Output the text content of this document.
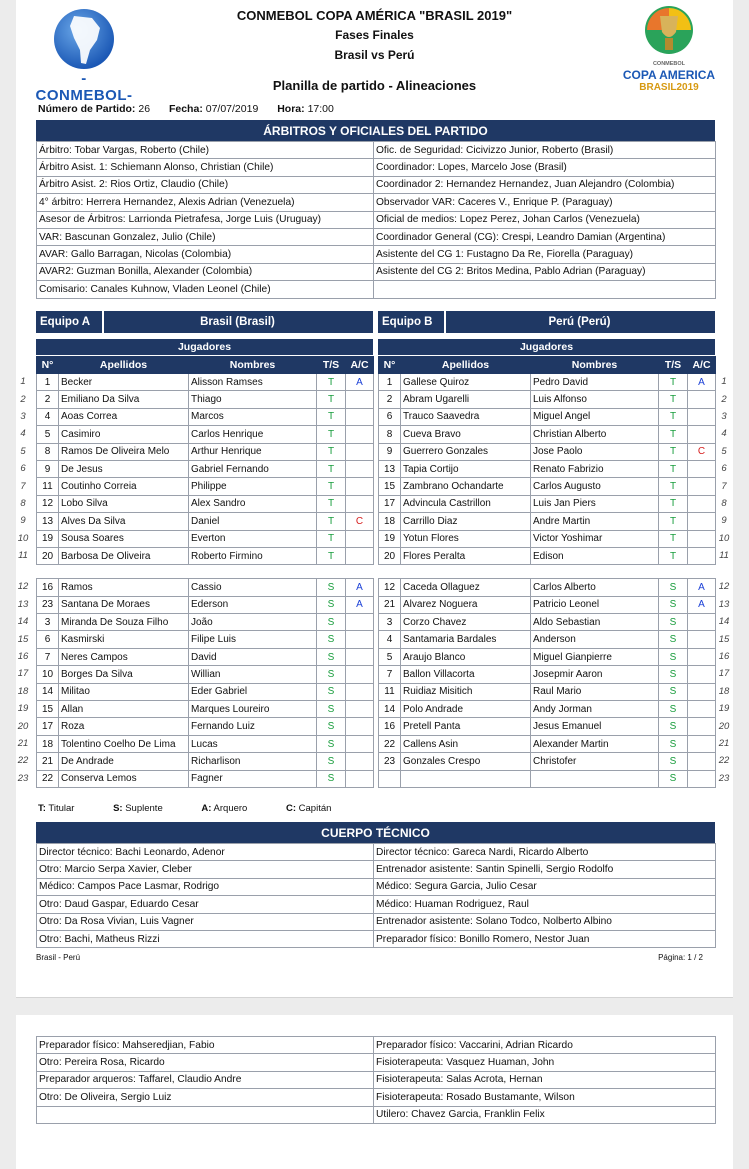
-CONMEBOL-
CONMEBOL
COPA AMERICA
BRASIL2019
CONMEBOL COPA AMÉRICA "BRASIL 2019"
Fases Finales
Brasil vs Perú
Planilla de partido - Alineaciones
Número de Partido: 26 Fecha: 07/07/2019 Hora: 17:00
ÁRBITROS Y OFICIALES DEL PARTIDO
Árbitro: Tobar Vargas, Roberto (Chile)	Ofic. de Seguridad: Cicivizzo Junior, Roberto (Brasil)
Árbitro Asist. 1: Schiemann Alonso, Christian (Chile)	Coordinador: Lopes, Marcelo Jose (Brasil)
Árbitro Asist. 2: Rios Ortiz, Claudio (Chile)	Coordinador 2: Hernandez Hernandez, Juan Alejandro (Colombia)
4° árbitro: Herrera Hernandez, Alexis Adrian (Venezuela)	Observador VAR: Caceres V., Enrique P. (Paraguay)
Asesor de Árbitros: Larrionda Pietrafesa, Jorge Luis (Uruguay)	Oficial de medios: Lopez Perez, Johan Carlos (Venezuela)
VAR: Bascunan Gonzalez, Julio (Chile)	Coordinador General (CG): Crespi, Leandro Damian (Argentina)
AVAR: Gallo Barragan, Nicolas (Colombia)	Asistente del CG 1: Fustagno Da Re, Fiorella (Paraguay)
AVAR2: Guzman Bonilla, Alexander (Colombia)	Asistente del CG 2: Britos Medina, Pablo Adrian (Paraguay)
Comisario: Canales Kuhnow, Vladen Leonel (Chile)	
Equipo A	Brasil (Brasil)	Equipo B	Perú (Perú)
Jugadores	Jugadores
N°	Apellidos	Nombres	T/S	A/C
1	Becker	Alisson Ramses	T	A
2	Emiliano Da Silva	Thiago	T	
4	Aoas Correa	Marcos	T	
5	Casimiro	Carlos Henrique	T	
8	Ramos De Oliveira Melo	Arthur Henrique	T	
9	De Jesus	Gabriel Fernando	T	
11	Coutinho Correia	Philippe	T	
12	Lobo Silva	Alex Sandro	T	
13	Alves Da Silva	Daniel	T	C
19	Sousa Soares	Everton	T	
20	Barbosa De Oliveira	Roberto Firmino	T	

16	Ramos	Cassio	S	A
23	Santana De Moraes	Ederson	S	A
3	Miranda De Souza Filho	João	S	
6	Kasmirski	Filipe Luis	S	
7	Neres Campos	David	S	
10	Borges Da Silva	Willian	S	
14	Militao	Eder Gabriel	S	
15	Allan	Marques Loureiro	S	
17	Roza	Fernando Luiz	S	
18	Tolentino Coelho De Lima	Lucas	S	
21	De Andrade	Richarlison	S	
22	Conserva Lemos	Fagner	S	
N°	Apellidos	Nombres	T/S	A/C
1	Gallese Quiroz	Pedro David	T	A
2	Abram Ugarelli	Luis Alfonso	T	
6	Trauco Saavedra	Miguel Angel	T	
8	Cueva Bravo	Christian Alberto	T	
9	Guerrero Gonzales	Jose Paolo	T	C
13	Tapia Cortijo	Renato Fabrizio	T	
15	Zambrano Ochandarte	Carlos Augusto	T	
17	Advincula Castrillon	Luis Jan Piers	T	
18	Carrillo Diaz	Andre Martin	T	
19	Yotun Flores	Victor Yoshimar	T	
20	Flores Peralta	Edison	T	

12	Caceda Ollaguez	Carlos Alberto	S	A
21	Alvarez Noguera	Patricio Leonel	S	A
3	Corzo Chavez	Aldo Sebastian	S	
4	Santamaria Bardales	Anderson	S	
5	Araujo Blanco	Miguel Gianpierre	S	
7	Ballon Villacorta	Josepmir Aaron	S	
11	Ruidiaz Misitich	Raul Mario	S	
14	Polo Andrade	Andy Jorman	S	
16	Pretell Panta	Jesus Emanuel	S	
22	Callens Asin	Alexander Martin	S	
23	Gonzales Crespo	Christofer	S	
			S	
1
2
3
4
5
6
7
8
9
10
11
12
13
14
15
16
17
18
19
20
21
22
23
1
2
3
4
5
6
7
8
9
10
11
12
13
14
15
16
17
18
19
20
21
22
23
T: Titular	S: Suplente	A: Arquero	C: Capitán
CUERPO TÉCNICO
Director técnico: Bachi Leonardo, Adenor	Director técnico: Gareca Nardi, Ricardo Alberto
Otro: Marcio Serpa Xavier, Cleber	Entrenador asistente: Santin Spinelli, Sergio Rodolfo
Médico: Campos Pace Lasmar, Rodrigo	Médico: Segura Garcia, Julio Cesar
Otro: Daud Gaspar, Eduardo Cesar	Médico: Huaman Rodriguez, Raul
Otro: Da Rosa Vivian, Luis Vagner	Entrenador asistente: Solano Todco, Nolberto Albino
Otro: Bachi, Matheus Rizzi	Preparador físico: Bonillo Romero, Nestor Juan
Brasil - Perú	Página: 1 / 2
Preparador físico: Mahseredjian, Fabio	Preparador físico: Vaccarini, Adrian Ricardo
Otro: Pereira Rosa, Ricardo	Fisioterapeuta: Vasquez Huaman, John
Preparador arqueros: Taffarel, Claudio Andre	Fisioterapeuta: Salas Acrota, Hernan
Otro: De Oliveira, Sergio Luiz	Fisioterapeuta: Rosado Bustamante, Wilson
	Utilero: Chavez Garcia, Franklin Felix
